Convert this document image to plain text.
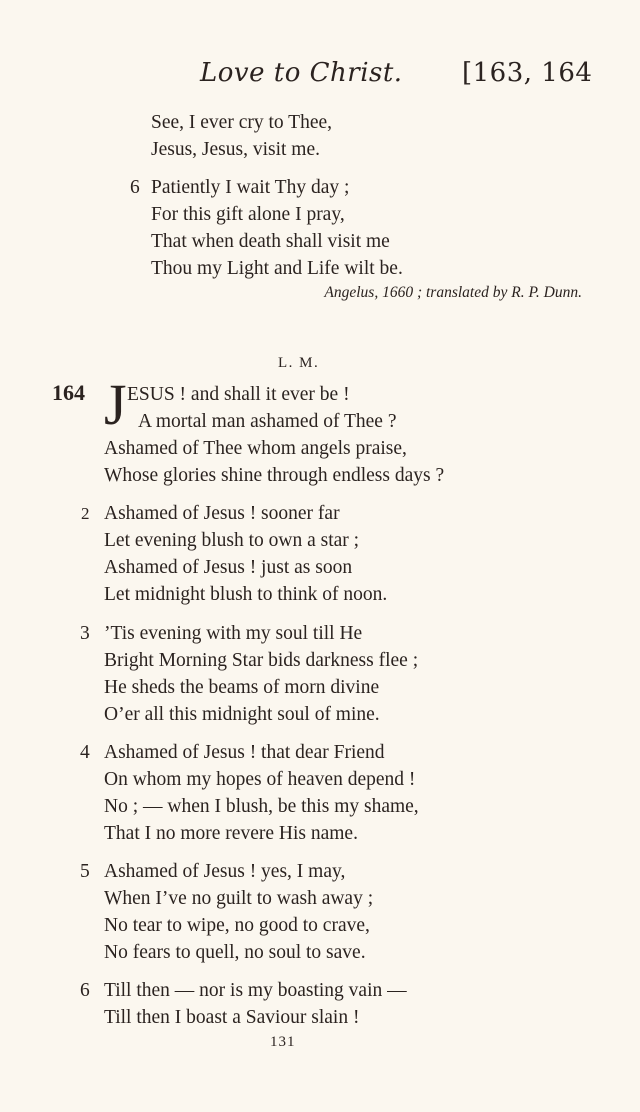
Love to Christ. [163, 164
See, I ever cry to Thee,
Jesus, Jesus, visit me.
6 Patiently I wait Thy day ;
For this gift alone I pray,
That when death shall visit me
Thou my Light and Life wilt be.
Angelus, 1660 ; translated by R. P. Dunn.
L. M.
164 J ESUS ! and shall it ever be !
A mortal man ashamed of Thee ?
Ashamed of Thee whom angels praise,
Whose glories shine through endless days ?
2 Ashamed of Jesus ! sooner far
Let evening blush to own a star ;
Ashamed of Jesus ! just as soon
Let midnight blush to think of noon.
3 ’Tis evening with my soul till He
Bright Morning Star bids darkness flee ;
He sheds the beams of morn divine
O’er all this midnight soul of mine.
4 Ashamed of Jesus ! that dear Friend
On whom my hopes of heaven depend !
No ; — when I blush, be this my shame,
That I no more revere His name.
5 Ashamed of Jesus ! yes, I may,
When I’ve no guilt to wash away ;
No tear to wipe, no good to crave,
No fears to quell, no soul to save.
6 Till then — nor is my boasting vain —
Till then I boast a Saviour slain !
131
